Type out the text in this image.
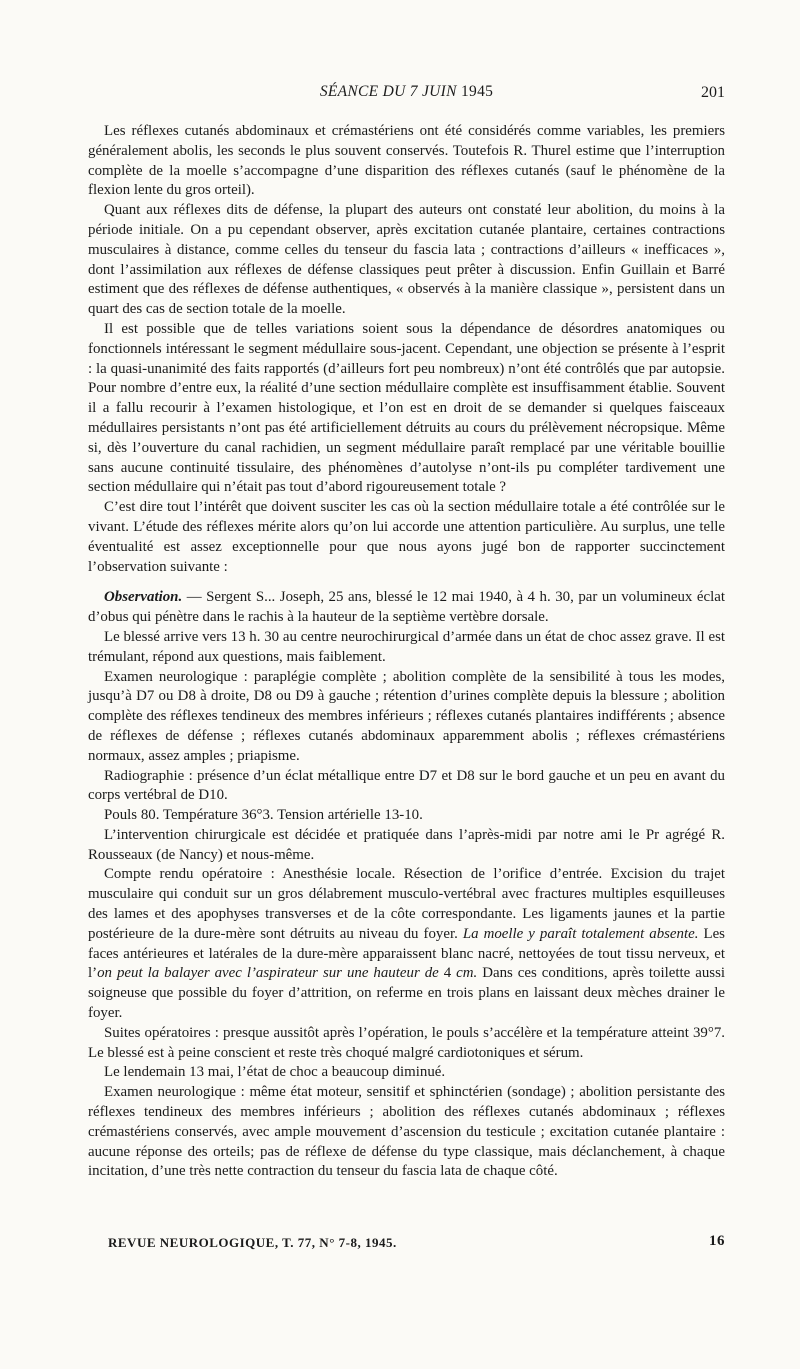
SÉANCE DU 7 JUIN 1945	201

Les réflexes cutanés abdominaux et crémastériens ont été considérés comme variables, les premiers généralement abolis, les seconds le plus souvent conservés. Toutefois R. Thurel estime que l’interruption complète de la moelle s’accompagne d’une disparition des réflexes cutanés (sauf le phénomène de la flexion lente du gros orteil).

Quant aux réflexes dits de défense, la plupart des auteurs ont constaté leur abolition, du moins à la période initiale. On a pu cependant observer, après excitation cutanée plantaire, certaines contractions musculaires à distance, comme celles du tenseur du fascia lata ; contractions d’ailleurs « inefficaces », dont l’assimilation aux réflexes de défense classiques peut prêter à discussion. Enfin Guillain et Barré estiment que des réflexes de défense authentiques, « observés à la manière classique », persistent dans un quart des cas de section totale de la moelle.

Il est possible que de telles variations soient sous la dépendance de désordres anatomiques ou fonctionnels intéressant le segment médullaire sous-jacent. Cependant, une objection se présente à l’esprit : la quasi-unanimité des faits rapportés (d’ailleurs fort peu nombreux) n’ont été contrôlés que par autopsie. Pour nombre d’entre eux, la réalité d’une section médullaire complète est insuffisamment établie. Souvent il a fallu recourir à l’examen histologique, et l’on est en droit de se demander si quelques faisceaux médullaires persistants n’ont pas été artificiellement détruits au cours du prélèvement nécropsique. Même si, dès l’ouverture du canal rachidien, un segment médullaire paraît remplacé par une véritable bouillie sans aucune continuité tissulaire, des phénomènes d’autolyse n’ont-ils pu compléter tardivement une section médullaire qui n’était pas tout d’abord rigoureusement totale ?

C’est dire tout l’intérêt que doivent susciter les cas où la section médullaire totale a été contrôlée sur le vivant. L’étude des réflexes mérite alors qu’on lui accorde une attention particulière. Au surplus, une telle éventualité est assez exceptionnelle pour que nous ayons jugé bon de rapporter succinctement l’observation suivante :

Observation. — Sergent S... Joseph, 25 ans, blessé le 12 mai 1940, à 4 h. 30, par un volumineux éclat d’obus qui pénètre dans le rachis à la hauteur de la septième vertèbre dorsale.

Le blessé arrive vers 13 h. 30 au centre neurochirurgical d’armée dans un état de choc assez grave. Il est trémulant, répond aux questions, mais faiblement.

Examen neurologique : paraplégie complète ; abolition complète de la sensibilité à tous les modes, jusqu’à D7 ou D8 à droite, D8 ou D9 à gauche ; rétention d’urines complète depuis la blessure ; abolition complète des réflexes tendineux des membres inférieurs ; réflexes cutanés plantaires indifférents ; absence de réflexes de défense ; réflexes cutanés abdominaux apparemment abolis ; réflexes crémastériens normaux, assez amples ; priapisme.

Radiographie : présence d’un éclat métallique entre D7 et D8 sur le bord gauche et un peu en avant du corps vertébral de D10.

Pouls 80. Température 36°3. Tension artérielle 13-10.

L’intervention chirurgicale est décidée et pratiquée dans l’après-midi par notre ami le Pr agrégé R. Rousseaux (de Nancy) et nous-même.

Compte rendu opératoire : Anesthésie locale. Résection de l’orifice d’entrée. Excision du trajet musculaire qui conduit sur un gros délabrement musculo-vertébral avec fractures multiples esquilleuses des lames et des apophyses transverses et de la côte correspondante. Les ligaments jaunes et la partie postérieure de la dure-mère sont détruits au niveau du foyer. La moelle y paraît totalement absente. Les faces antérieures et latérales de la dure-mère apparaissent blanc nacré, nettoyées de tout tissu nerveux, et l’on peut la balayer avec l’aspirateur sur une hauteur de 4 cm. Dans ces conditions, après toilette aussi soigneuse que possible du foyer d’attrition, on referme en trois plans en laissant deux mèches drainer le foyer.

Suites opératoires : presque aussitôt après l’opération, le pouls s’accélère et la température atteint 39°7. Le blessé est à peine conscient et reste très choqué malgré cardiotoniques et sérum.

Le lendemain 13 mai, l’état de choc a beaucoup diminué.

Examen neurologique : même état moteur, sensitif et sphinctérien (sondage) ; abolition persistante des réflexes tendineux des membres inférieurs ; abolition des réflexes cutanés abdominaux ; réflexes crémastériens conservés, avec ample mouvement d’ascension du testicule ; excitation cutanée plantaire : aucune réponse des orteils; pas de réflexe de défense du type classique, mais déclanchement, à chaque incitation, d’une très nette contraction du tenseur du fascia lata de chaque côté.

REVUE NEUROLOGIQUE, T. 77, N° 7-8, 1945.	16
